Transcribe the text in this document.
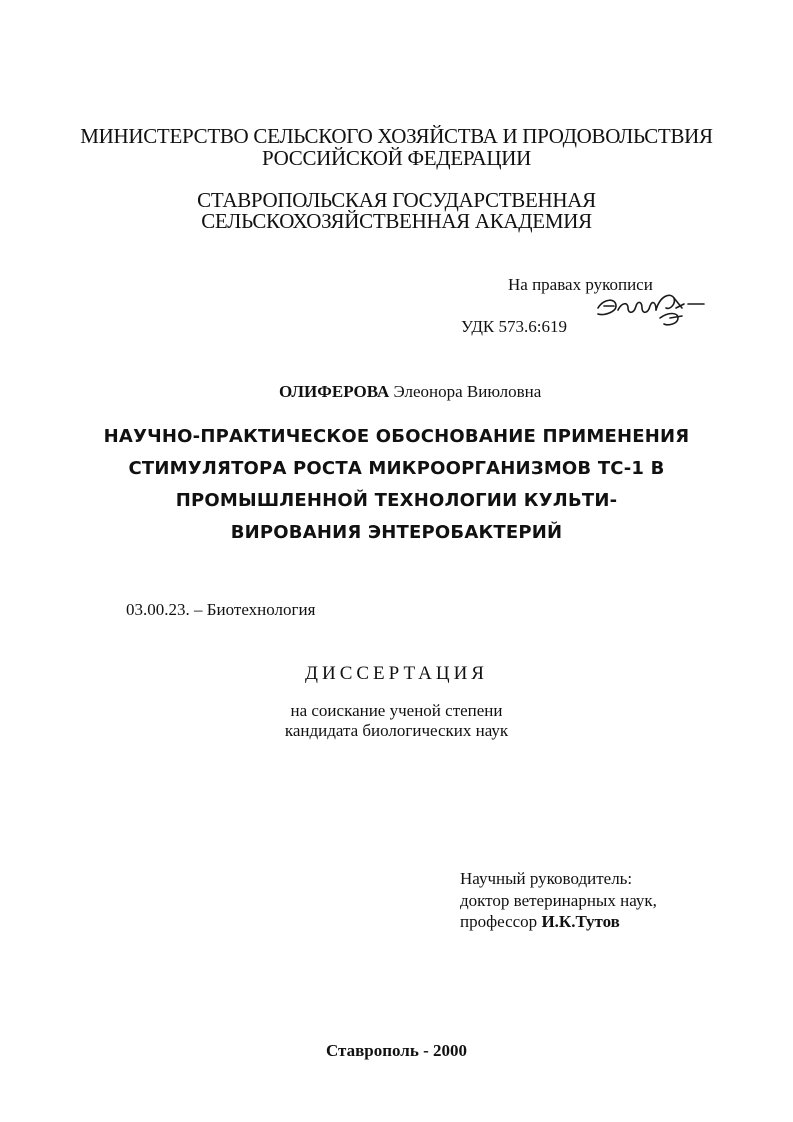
МИНИСТЕРСТВО СЕЛЬСКОГО ХОЗЯЙСТВА И ПРОДОВОЛЬСТВИЯ
РОССИЙСКОЙ ФЕДЕРАЦИИ
СТАВРОПОЛЬСКАЯ ГОСУДАРСТВЕННАЯ
СЕЛЬСКОХОЗЯЙСТВЕННАЯ АКАДЕМИЯ
На правах рукописи
УДК 573.6:619
ОЛИФЕРОВА Элеонора Виюловна
НАУЧНО-ПРАКТИЧЕСКОЕ ОБОСНОВАНИЕ ПРИМЕНЕНИЯ
СТИМУЛЯТОРА РОСТА МИКРООРГАНИЗМОВ ТС-1 В
ПРОМЫШЛЕННОЙ ТЕХНОЛОГИИ КУЛЬТИ-
ВИРОВАНИЯ ЭНТЕРОБАКТЕРИЙ
03.00.23. – Биотехнология
ДИССЕРТАЦИЯ
на соискание ученой степени
кандидата биологических наук
Научный руководитель:
доктор ветеринарных наук,
профессор И.К.Тутов
Ставрополь - 2000
